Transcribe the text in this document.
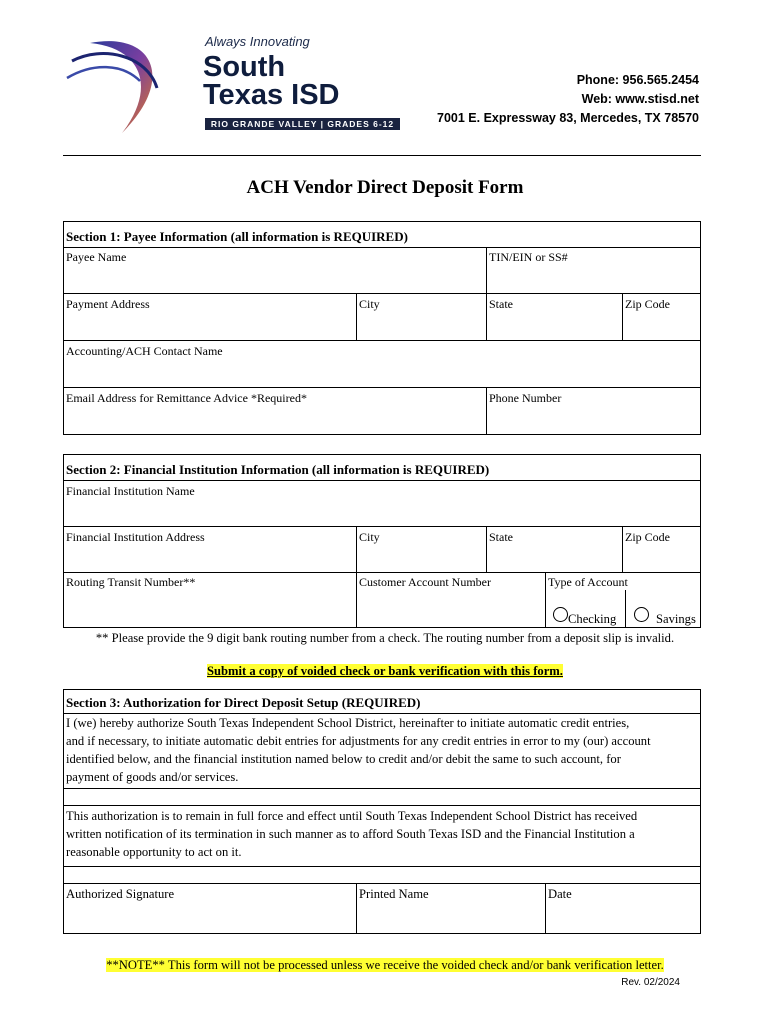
Always Innovating
South
Texas ISD
RIO GRANDE VALLEY | GRADES 6-12
Phone: 956.565.2454
Web: www.stisd.net
7001 E. Expressway 83, Mercedes, TX 78570
ACH Vendor Direct Deposit Form
Section 1: Payee Information (all information is REQUIRED)
Payee Name	TIN/EIN or SS#
Payment Address	City	State	Zip Code
Accounting/ACH Contact Name
Email Address for Remittance Advice *Required*	Phone Number
Section 2: Financial Institution Information (all information is REQUIRED)
Financial Institution Name
Financial Institution Address	City	State	Zip Code
Routing Transit Number**	Customer Account Number	Type of Account
Checking	Savings
** Please provide the 9 digit bank routing number from a check. The routing number from a deposit slip is invalid.
Submit a copy of voided check or bank verification with this form.
Section 3: Authorization for Direct Deposit Setup (REQUIRED)
I (we) hereby authorize South Texas Independent School District, hereinafter to initiate automatic credit entries,
and if necessary, to initiate automatic debit entries for adjustments for any credit entries in error to my (our) account
identified below, and the financial institution named below to credit and/or debit the same to such account, for
payment of goods and/or services.
This authorization is to remain in full force and effect until South Texas Independent School District has received
written notification of its termination in such manner as to afford South Texas ISD and the Financial Institution a
reasonable opportunity to act on it.
Authorized Signature	Printed Name	Date
**NOTE** This form will not be processed unless we receive the voided check and/or bank verification letter.
Rev. 02/2024
